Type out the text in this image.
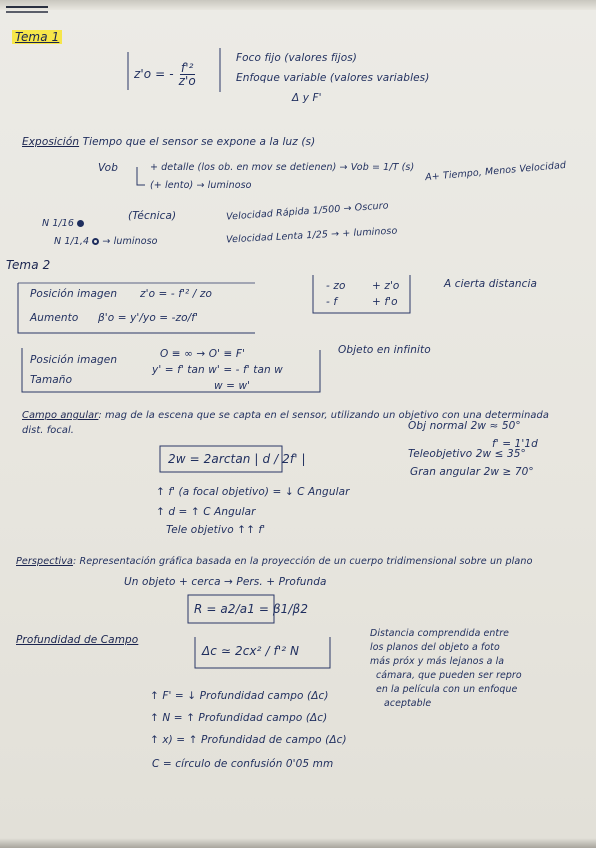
Tema 1
z'o = - $\frac{\text{f'²}}{z'o}$
Foco fijo (valores fijos)
Enfoque variable (valores variables)
Δ y F'
Exposición Tiempo que el sensor se expone a la luz (s)
Vob	+ detalle (los ob. en mov se detienen) → Vob = 1/T (s)
(+ lento) → luminoso
A+ Tiempo, Menos Velocidad
N 1/16
(Técnica)	Velocidad Rápida 1/500 → Oscuro
N 1/1,4  → luminoso	Velocidad Lenta 1/25 → + luminoso
Tema 2
Posición imagen z'o = - f'² / zo
Aumento β'o = y'/yo = -zo/f'
- zo	+ z'o
- f	+ f'o
A cierta distancia
Posición imagen
Tamaño
O ≡ ∞ → O' ≡ F'
y' = f' tan w' = - f' tan w
w = w'
Objeto en infinito
Campo angular: mag de la escena que se capta en el sensor, utilizando un objetivo con una determinada dist. focal.
2w = 2arctan | d / 2f' |
Obj normal 2w ≈ 50°
f' = 1'1d
Teleobjetivo 2w ≤ 35°
Gran angular 2w ≥ 70°
↑ f' (a focal objetivo) = ↓ C Angular
↑ d = ↑ C Angular
Tele objetivo ↑↑ f'
Perspectiva: Representación gráfica basada en la proyección de un cuerpo tridimensional sobre un plano
Un objeto + cerca → Pers. + Profunda
R = a2/a1 = β1/β2
Profundidad de Campo
Δc ≃ 2cx² / f'² N
Distancia comprendida entre
los planos del objeto a foto
más próx y más lejanos a la
cámara, que pueden ser repro
en la película con un enfoque
aceptable
↑ F' = ↓ Profundidad campo (Δc)
↑ N = ↑ Profundidad campo (Δc)
↑ x) = ↑ Profundidad de campo (Δc)
C = círculo de confusión 0'05 mm
